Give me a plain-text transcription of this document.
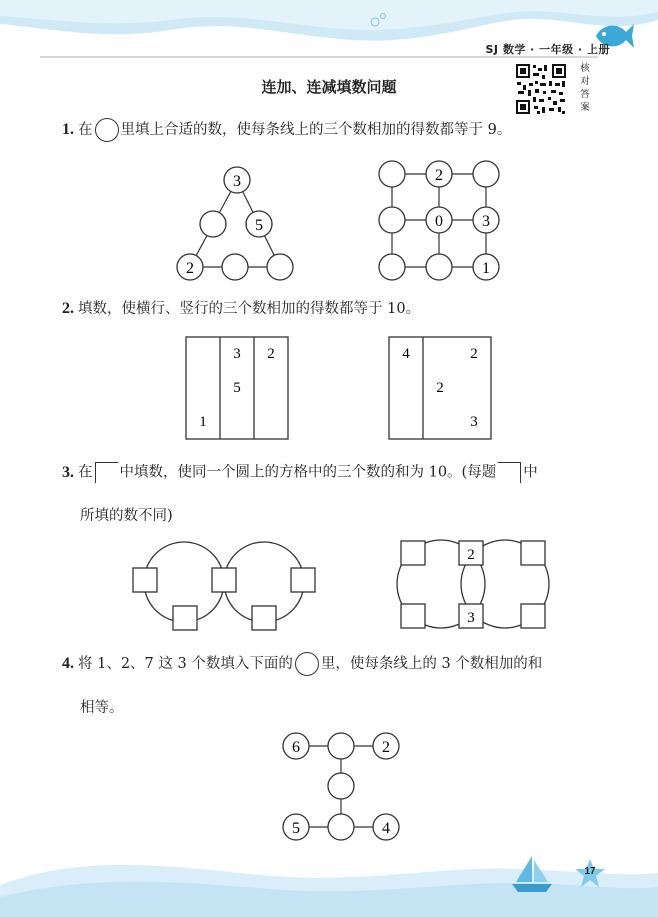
SJ 数学 · 一年级 · 上册
核
对
答
案
连加、连减填数问题
1. 在 里填上合适的数，使每条线上的三个数相加的得数都等于 9。
3
5
2
2
0 3
1
2. 填数，使横行、竖行的三个数相加的得数都等于 10。
3 2
5
1
4	2
2
3
3. 在 中填数，使同一个圆上的方格中的三个数的和为 10。(每题 中
所填的数不同)
2
3
4. 将 1、2、7 这 3 个数填入下面的 里，使每条线上的 3 个数相加的和
相等。
6	2
5	4
17
